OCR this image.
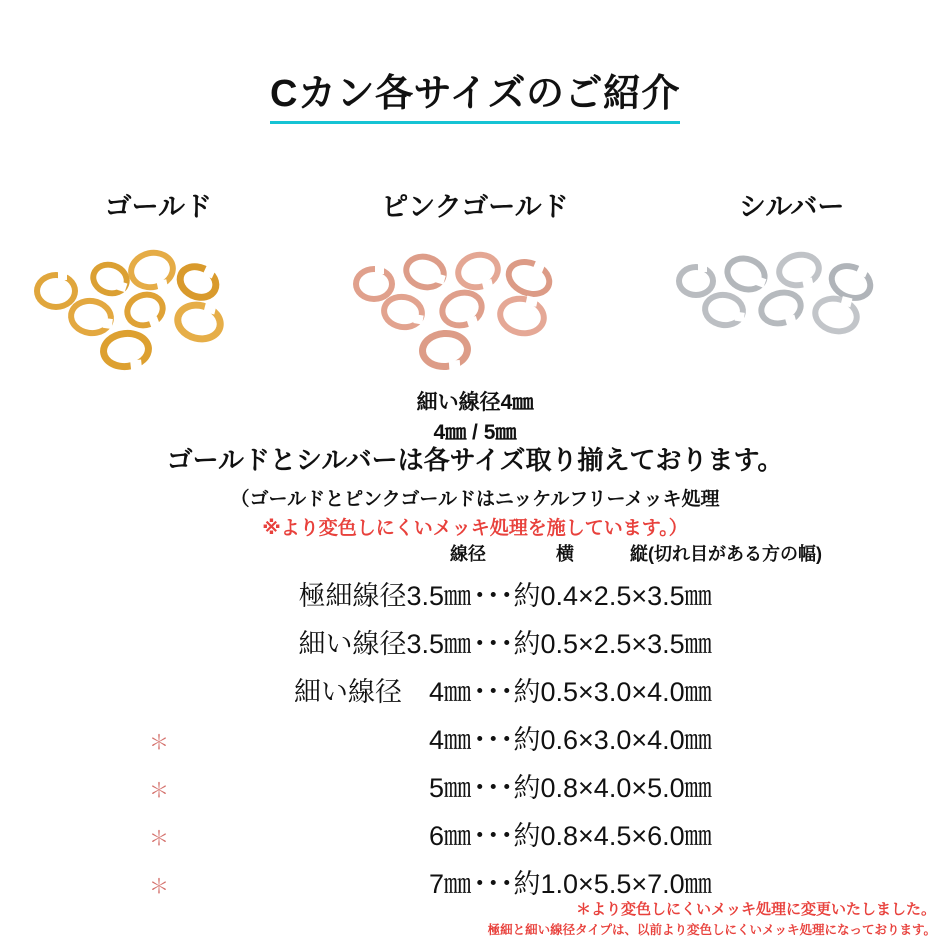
Cカン各サイズのご紹介
ゴールド	ピンクゴールド
細い線径4㎜
4㎜ / 5㎜
シルバー
ゴールドとシルバーは各サイズ取り揃えております。
（ゴールドとピンクゴールドはニッケルフリーメッキ処理
※より変色しにくいメッキ処理を施しています。）
線径	横	縦(切れ目がある方の幅)
極細線径3.5㎜ ･･･約0.4×2.5×3.5㎜
細い線径3.5㎜ ･･･約0.5×2.5×3.5㎜
細い線径　4㎜ ･･･約0.5×3.0×4.0㎜
＊	4㎜ ･･･約0.6×3.0×4.0㎜
＊	5㎜ ･･･約0.8×4.0×5.0㎜
＊	6㎜ ･･･約0.8×4.5×6.0㎜
＊	7㎜ ･･･約1.0×5.5×7.0㎜
＊より変色しにくいメッキ処理に変更いたしました。
極細と細い線径タイプは、以前より変色しにくいメッキ処理になっております。
